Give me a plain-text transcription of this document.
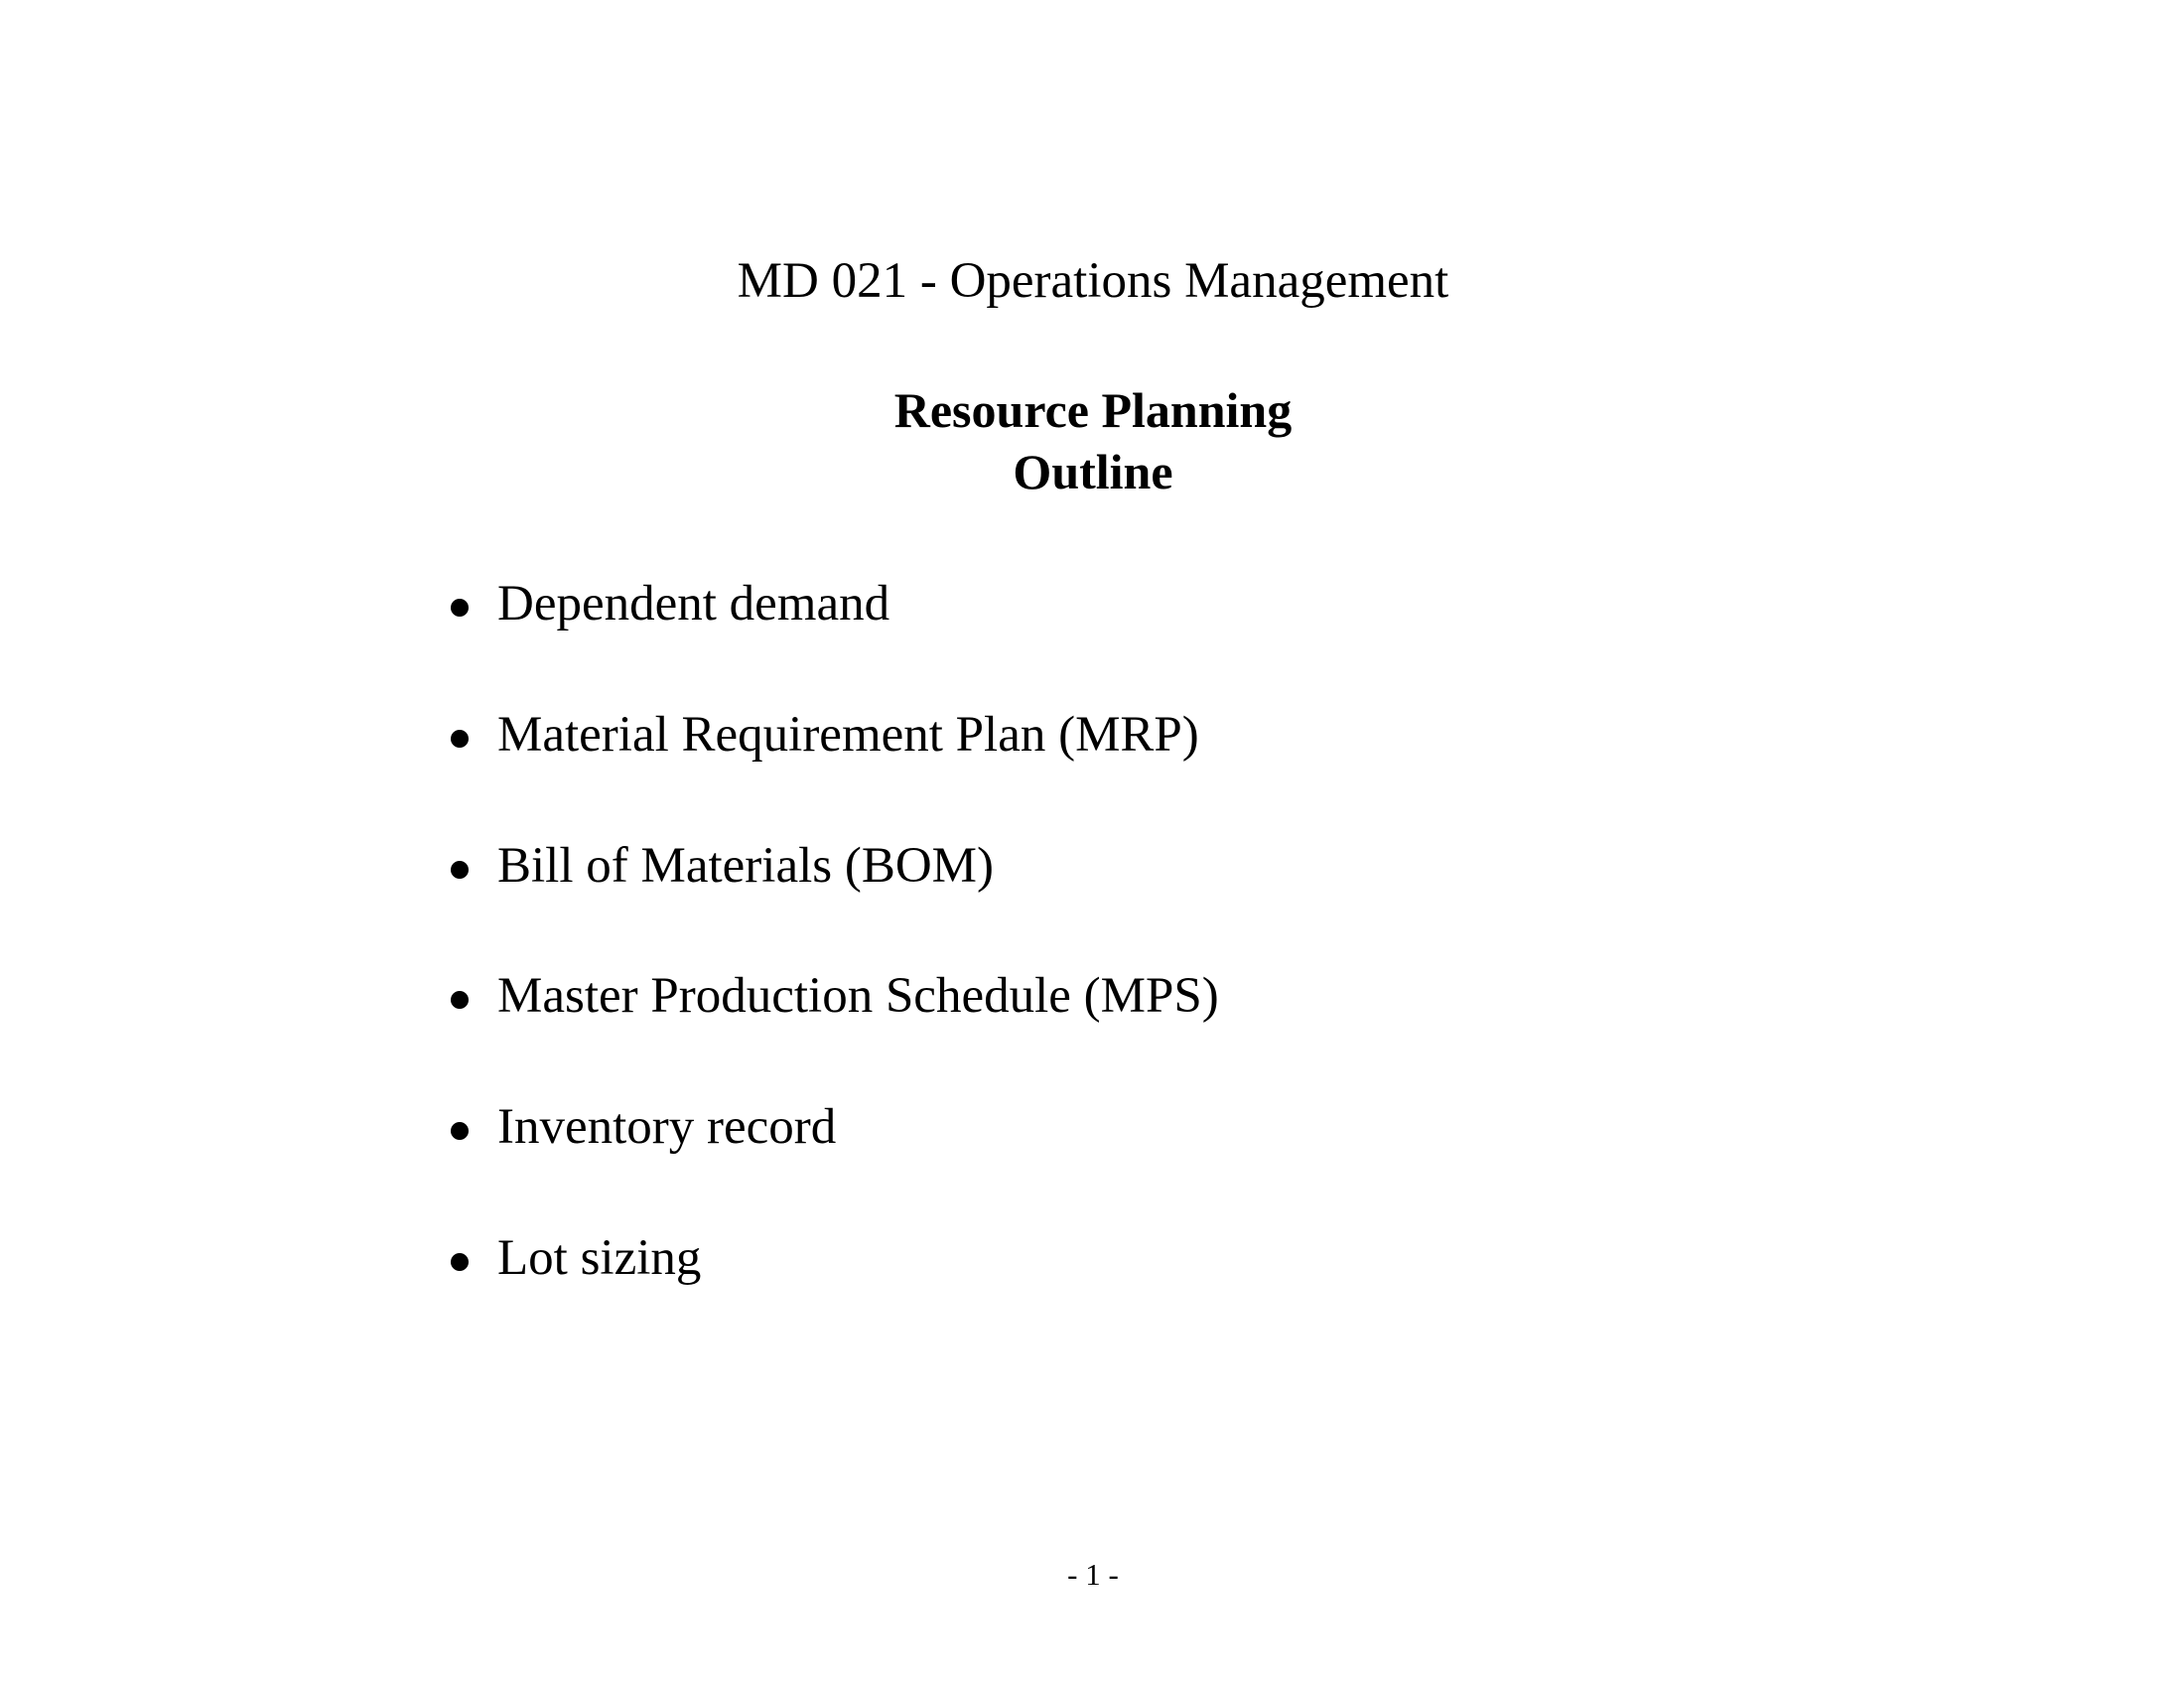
MD 021 - Operations Management
Resource Planning
Outline
Dependent demand
Material Requirement Plan (MRP)
Bill of Materials (BOM)
Master Production Schedule (MPS)
Inventory record
Lot sizing
- 1 -
